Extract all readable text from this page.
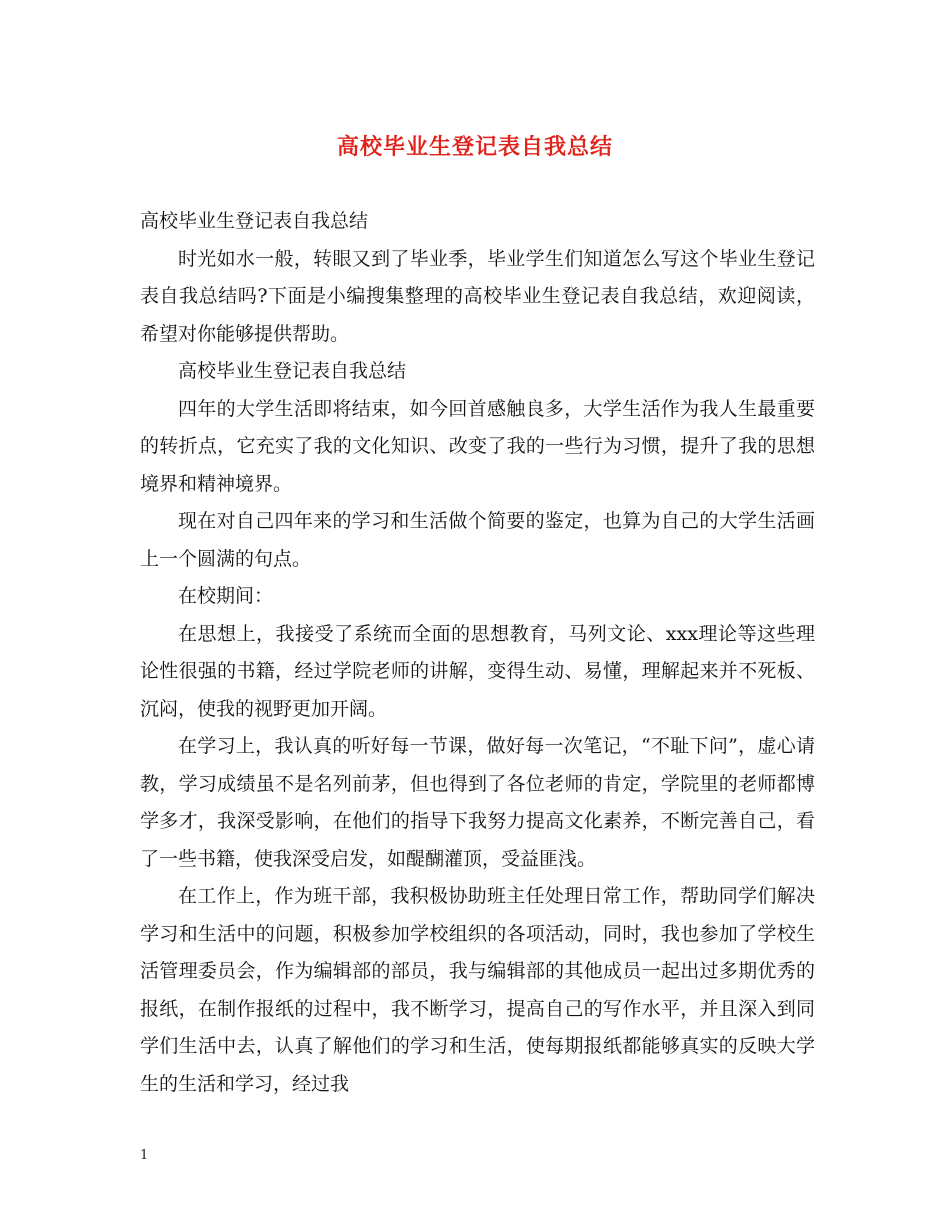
高校毕业生登记表自我总结

高校毕业生登记表自我总结

时光如水一般，转眼又到了毕业季，毕业学生们知道怎么写这个毕业生登记表自我总结吗?下面是小编搜集整理的高校毕业生登记表自我总结，欢迎阅读，希望对你能够提供帮助。

高校毕业生登记表自我总结

四年的大学生活即将结束，如今回首感触良多，大学生活作为我人生最重要的转折点，它充实了我的文化知识、改变了我的一些行为习惯，提升了我的思想境界和精神境界。

现在对自己四年来的学习和生活做个简要的鉴定，也算为自己的大学生活画上一个圆满的句点。

在校期间：

在思想上，我接受了系统而全面的思想教育，马列文论、xxx理论等这些理论性很强的书籍，经过学院老师的讲解，变得生动、易懂，理解起来并不死板、沉闷，使我的视野更加开阔。

在学习上，我认真的听好每一节课，做好每一次笔记，“不耻下问”，虚心请教，学习成绩虽不是名列前茅，但也得到了各位老师的肯定，学院里的老师都博学多才，我深受影响，在他们的指导下我努力提高文化素养，不断完善自己，看了一些书籍，使我深受启发，如醍醐灌顶，受益匪浅。

在工作上，作为班干部，我积极协助班主任处理日常工作，帮助同学们解决学习和生活中的问题，积极参加学校组织的各项活动，同时，我也参加了学校生活管理委员会，作为编辑部的部员，我与编辑部的其他成员一起出过多期优秀的报纸，在制作报纸的过程中，我不断学习，提高自己的写作水平，并且深入到同学们生活中去，认真了解他们的学习和生活，使每期报纸都能够真实的反映大学生的生活和学习，经过我

1
